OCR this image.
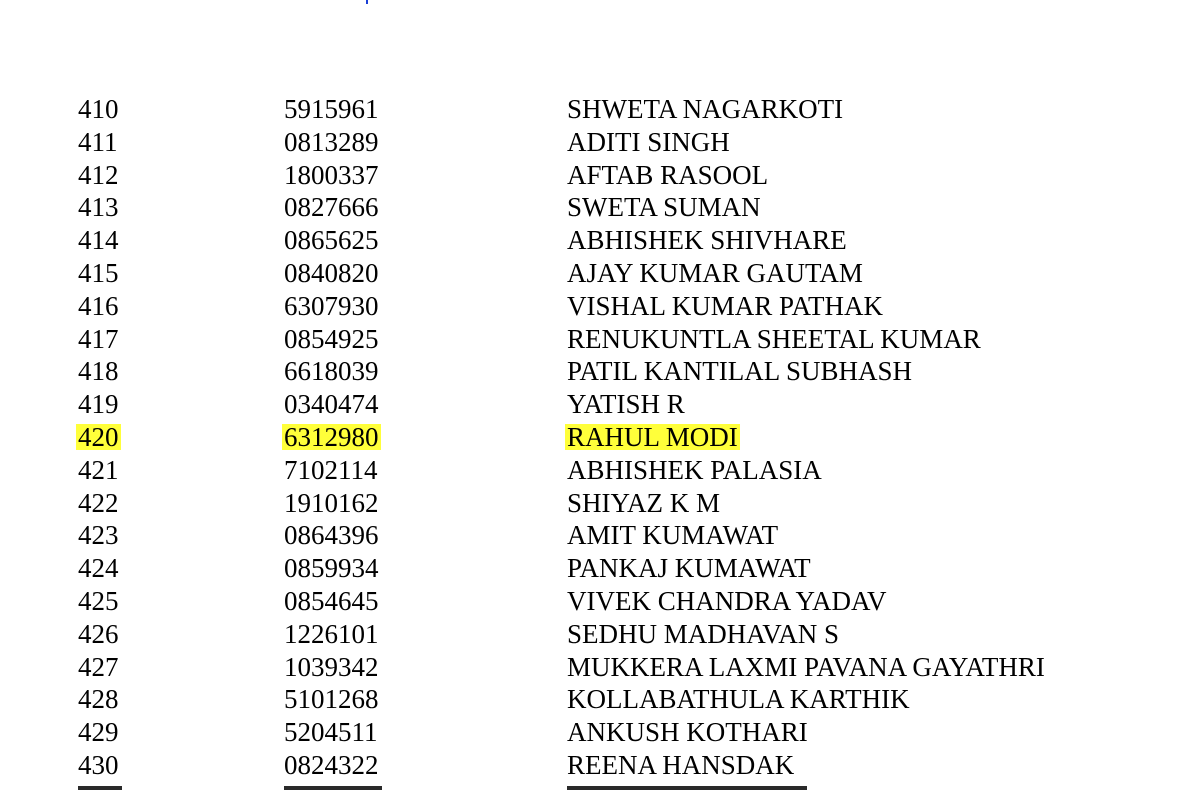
410	5915961	SHWETA NAGARKOTI
411	0813289	ADITI SINGH
412	1800337	AFTAB RASOOL
413	0827666	SWETA SUMAN
414	0865625	ABHISHEK SHIVHARE
415	0840820	AJAY KUMAR GAUTAM
416	6307930	VISHAL KUMAR PATHAK
417	0854925	RENUKUNTLA SHEETAL KUMAR
418	6618039	PATIL KANTILAL SUBHASH
419	0340474	YATISH R
420	6312980	RAHUL MODI
421	7102114	ABHISHEK PALASIA
422	1910162	SHIYAZ K M
423	0864396	AMIT KUMAWAT
424	0859934	PANKAJ KUMAWAT
425	0854645	VIVEK CHANDRA YADAV
426	1226101	SEDHU MADHAVAN S
427	1039342	MUKKERA LAXMI PAVANA GAYATHRI
428	5101268	KOLLABATHULA KARTHIK
429	5204511	ANKUSH KOTHARI
430	0824322	REENA HANSDAK
